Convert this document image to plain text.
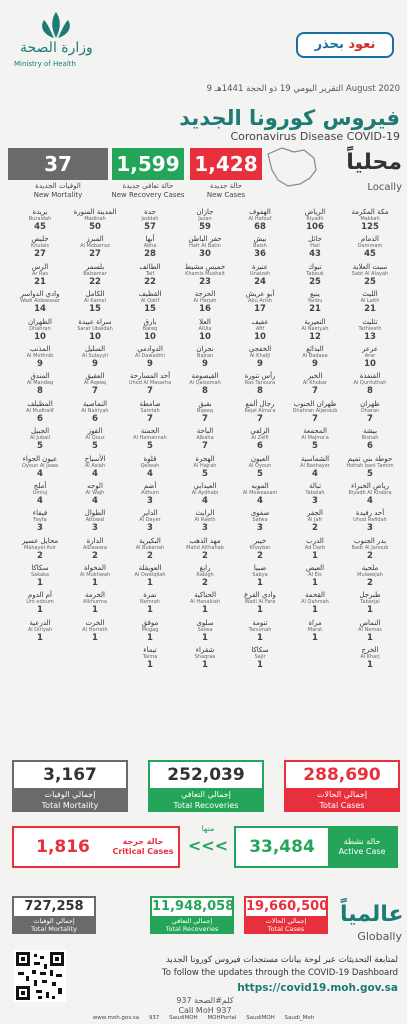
وزارة الصحة
Ministry of Health
نعود بحذر
التقرير اليومي 19 ذو الحجة 1441هـ 9 August 2020
فيروس كورونا الجديد
Coronavirus Disease COVID-19
1,428
1,599
37
حالة جديدة
New Cases
حالة تعافي جديدة
New Recovery Cases
الوفيات الجديدة
New Mortality
محلياً
Locally
مكة المكرمة
Makkah
125
الدمام
Dammam
45
سبت العلاية
Sabt Al Alayah
25
الليث
Al Laith
21
تثليث
Tathleeth
13
عرعر
Arar
10
القنفذة
Al Qunfuthah
8
ظهران
Dharan
7
بيشة
Bishah
6
حوطة بني تميم
Hottah bani Tamim
5
رياض الخبراء
Riyadh Al Khabra
4
أحد رفيدة
Uhod Rafidah
3
بدر الجنوب
Badr Al Janoub
2
ملحية
Mulaeejah
2
طبرجل
Tabarjal
1
النماص
Al Nemas
1
الخرج
Al Kharj
1
الرياض
Riyadh
106
حائل
Hail
43
تبوك
Tabouk
25
ينبع
Yanbu
21
النعيرية
Al Nairiyah
12
البدائع
Al Badaea
9
الخبر
Al Khobar
7
ظهران الجنوب
Dhahran Aljanoub
7
المجمعة
Al Majma'a
5
الشماسية
Al Bashayer
4
تبالة
Tabalah
3
الجفر
Al Jafr
2
الدرب
Ad Darb
1
العيص
Al Eis
1
القحمة
Al Qahmah
1
مراة
Marat
1
الهفوف
Al Hafouf
68
بيش
Baish
36
عنيزة
Unaizah
24
أبو عريش
Abu Arish
17
عفيف
Afif
10
الخفجي
Al Khafji
9
رأس تنورة
Ras Tanoura
8
رجال ألمع
Rejal Alma'a
7
الزلفي
Al Zelfi
6
العيون
Al Oyoun
5
المويه
Al Moweasam
4
صفوى
Safwa
3
خيبر
Khaybar
2
صبيا
Sabya
1
وادي الفرع
Wadi Al Fara
1
تنومة
Tanumah
1
سكاكا
Sajir
1
جازان
Jazan
59
حفر الباطن
Hafr Al Batin
30
خميس مشيط
Khamis Mushait
23
الحرجة
Al Harjah
16
العلا
AlUla
10
نجران
Najran
9
القيصومة
Al Qaisomah
8
بقيق
Bqeeq
7
الباحة
Albaha
7
الهجرة
Al Hajrah
5
العيدابي
Al Aydhabi
4
الرايث
Al Raeth
3
مهد الذهب
Mahd Althahab
2
رابغ
Rabigh
2
الحناكية
Al Hanakiah
1
سلوى
Salwa
1
شقراء
Shaqraa
1
جدة
Jeddah
57
أبها
Abha
28
الطائف
Taif
22
القطيف
Al Qatif
15
بارق
Bareq
10
الدوادمي
Al Dawadmi
9
أحد المسارحة
Uhod Al Masarha
7
صامطة
Samtah
7
الحمنة
Al Hamannah
5
قلوة
Qelwah
4
أضم
Adhum
3
الداير
Al Dayer
3
البكيرية
Al Bukeriah
2
العويقلة
Al Oweiqilah
1
نمرة
Nemrah
1
موقق
Mogag
1
تيماء
Taima
1
المدينة المنورة
Madinah
50
المبرز
Al Mobarraz
27
بلسمر
Balsamar
22
الكامل
Al Kamel
15
سراة عبيدة
Sarat Ubaidah
10
السليل
Al Sulayyil
9
العقيق
Al Aqeeq
7
النماصية
Al Nairiyah
6
القوز
Al Qouz
5
الأسياح
Al Asiah
4
الوجه
Al Wajh
4
الطوال
Attowal
3
الدارة
AlDawara
2
المخواة
Al Mukhwah
1
الخرمة
Alkhurma
1
الخرت
Al Horrath
1
بريدة
Buraidah
45
خليص
Khulais
27
الرس
Ar Ras
21
وادي الدواسر
Wadi Aldawaser
14
الظهران
Dhahran
10
المذنب
Al Mothnib
9
المندق
Al Mandaq
8
المظيلف
Al Mudhailf
6
الجبيل
Al Jubail
5
عيون الجواء
Oyoun Al Jawa
4
أملج
Umluj
4
فيفاء
Fayfa
3
محايل عسير
Mahayel Asir
2
سكاكا
Sakaka
1
أم الدوم
Um edoum
1
الدرعية
Al Diriyah
1
288,690
إجمالي الحالات
Total Cases
252,039
إجمالي التعافي
Total Recoveries
3,167
إجمالي الوفيات
Total Mortality
33,484	حالة نشطة
Active Case
منها
<<<
1,816	حالة حرجة
Critical Cases
19,660,500
إجمالي الحالات
Total Cases
11,948,058
إجمالي التعافي
Total Recoveries
727,258
إجمالي الوفيات
Total Mortality
عالمياً
Globally
لمتابعة التحديثات عبر لوحة بيانات مستجدات فيروس كورونا الجديد
To follow the updates through the COVID-19 Dashboard
https://covid19.moh.gov.sa
كلم#الصحة 937
Call MoH 937
www.moh.gov.sa 937 SaudiMOH MOHPortal SaudiMOH Saudi_Moh
